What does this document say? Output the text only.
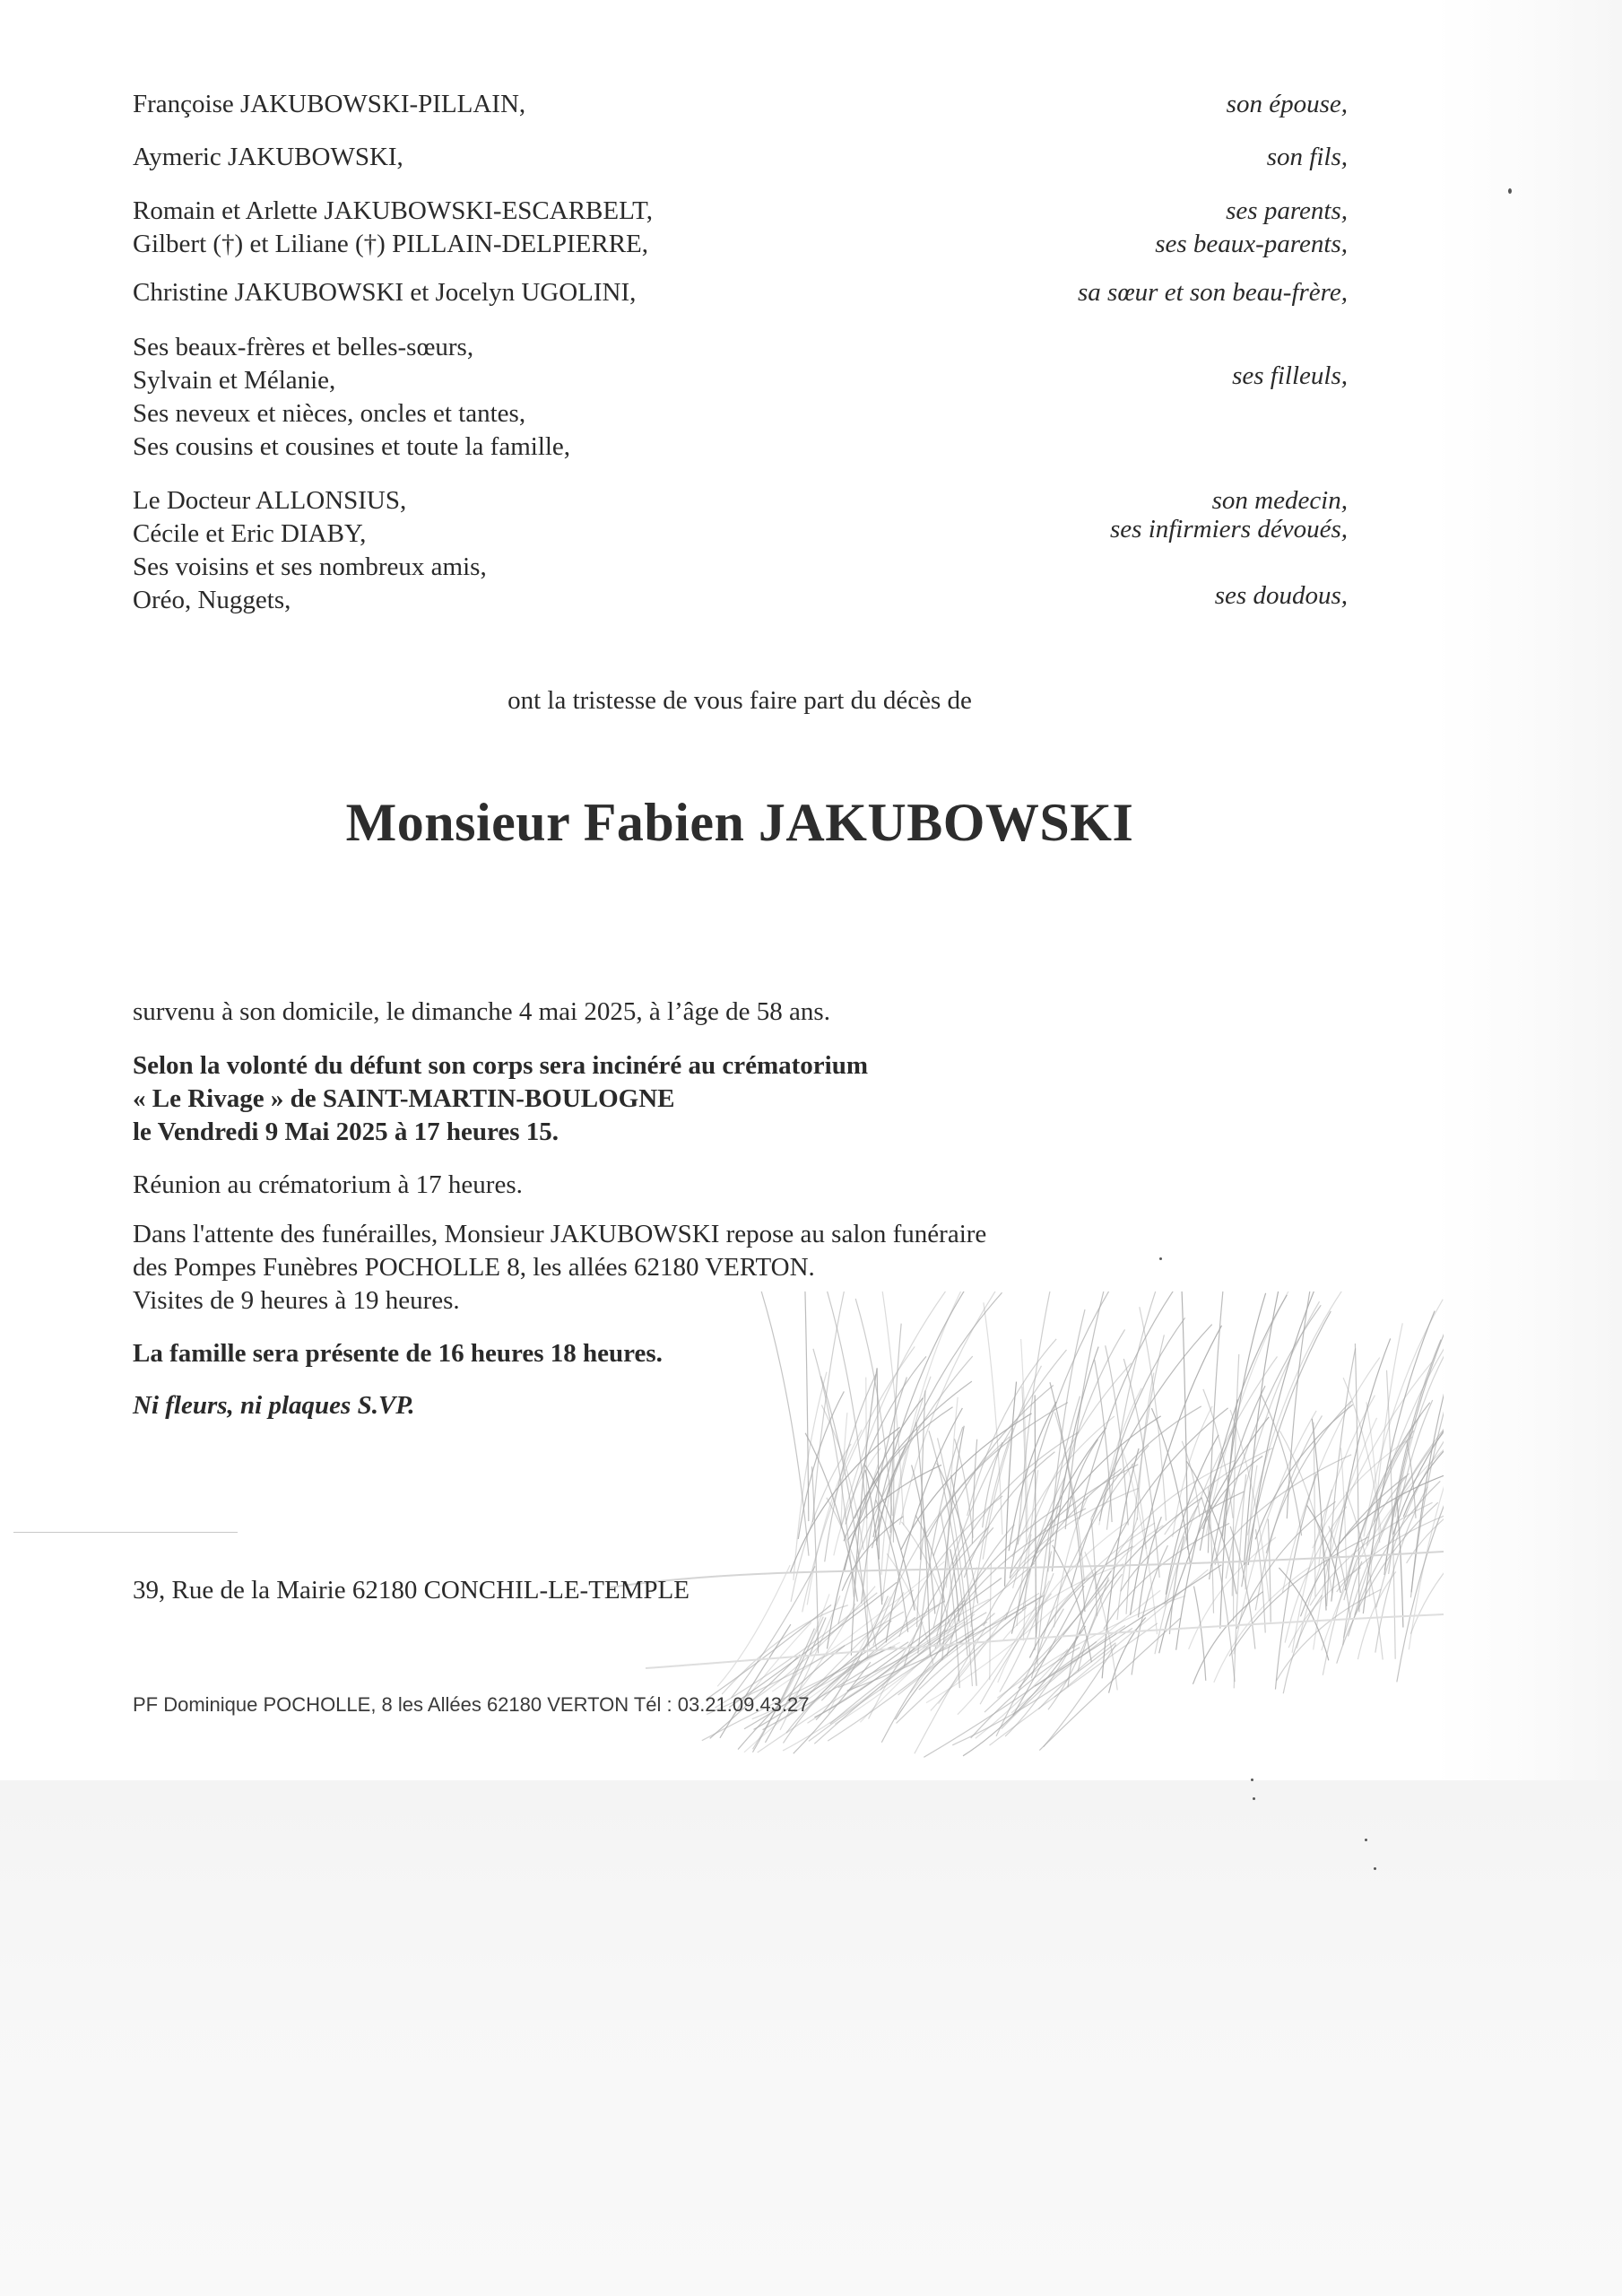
Françoise JAKUBOWSKI-PILLAIN,	son épouse,
Aymeric JAKUBOWSKI,	son fils,
Romain et Arlette JAKUBOWSKI-ESCARBELT,	ses parents,
Gilbert (†) et Liliane (†) PILLAIN-DELPIERRE,	ses beaux-parents,
Christine JAKUBOWSKI et Jocelyn UGOLINI,	sa sœur et son beau-frère,
Ses beaux-frères et belles-sœurs,
Sylvain et Mélanie,	ses filleuls,
Ses neveux et nièces, oncles et tantes,
Ses cousins et cousines et toute la famille,
Le Docteur ALLONSIUS,	son medecin,
Cécile et Eric DIABY,	ses infirmiers dévoués,
Ses voisins et ses nombreux amis,
Oréo, Nuggets,	ses doudous,
ont la tristesse de vous faire part du décès de
Monsieur Fabien JAKUBOWSKI
survenu à son domicile, le dimanche 4 mai 2025, à l’âge de 58 ans.
Selon la volonté du défunt son corps sera incinéré au crématorium
« Le Rivage » de SAINT-MARTIN-BOULOGNE
le Vendredi 9 Mai 2025 à 17 heures 15.
Réunion au crématorium à 17 heures.
Dans l'attente des funérailles, Monsieur JAKUBOWSKI repose au salon funéraire
des Pompes Funèbres POCHOLLE 8, les allées 62180 VERTON.
Visites de 9 heures à 19 heures.
La famille sera présente de 16 heures 18 heures.
Ni fleurs, ni plaques S.VP.
39, Rue de la Mairie 62180 CONCHIL-LE-TEMPLE
PF Dominique POCHOLLE, 8 les Allées 62180 VERTON Tél : 03.21.09.43.27
